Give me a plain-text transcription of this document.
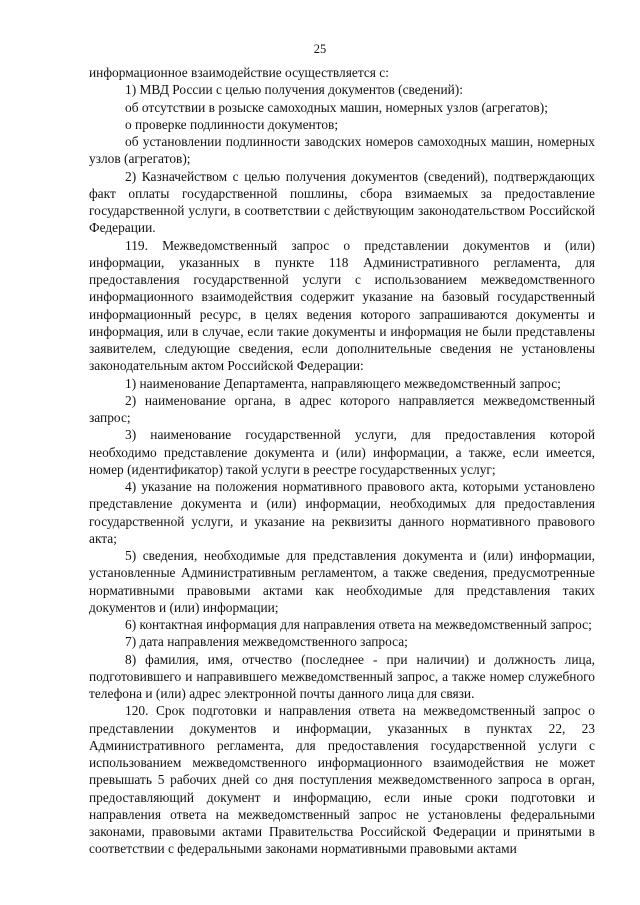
25

информационное взаимодействие осуществляется с:

1) МВД России с целью получения документов (сведений):

об отсутствии в розыске самоходных машин, номерных узлов (агрегатов);

о проверке подлинности документов;

об установлении подлинности заводских номеров самоходных машин, номерных узлов (агрегатов);

2) Казначейством с целью получения документов (сведений), подтверждающих факт оплаты государственной пошлины, сбора взимаемых за предоставление государственной услуги, в соответствии с действующим законодательством Российской Федерации.

119. Межведомственный запрос о представлении документов и (или) информации, указанных в пункте 118 Административного регламента, для предоставления государственной услуги с использованием межведомственного информационного взаимодействия содержит указание на базовый государственный информационный ресурс, в целях ведения которого запрашиваются документы и информация, или в случае, если такие документы и информация не были представлены заявителем, следующие сведения, если дополнительные сведения не установлены законодательным актом Российской Федерации:

1) наименование Департамента, направляющего межведомственный запрос;

2) наименование органа, в адрес которого направляется межведомственный запрос;

3) наименование государственной услуги, для предоставления которой необходимо представление документа и (или) информации, а также, если имеется, номер (идентификатор) такой услуги в реестре государственных услуг;

4) указание на положения нормативного правового акта, которыми установлено представление документа и (или) информации, необходимых для предоставления государственной услуги, и указание на реквизиты данного нормативного правового акта;

5) сведения, необходимые для представления документа и (или) информации, установленные Административным регламентом, а также сведения, предусмотренные нормативными правовыми актами как необходимые для представления таких документов и (или) информации;

6) контактная информация для направления ответа на межведомственный запрос;

7) дата направления межведомственного запроса;

8) фамилия, имя, отчество (последнее - при наличии) и должность лица, подготовившего и направившего межведомственный запрос, а также номер служебного телефона и (или) адрес электронной почты данного лица для связи.

120. Срок подготовки и направления ответа на межведомственный запрос о представлении документов и информации, указанных в пунктах 22, 23 Административного регламента, для предоставления государственной услуги с использованием межведомственного информационного взаимодействия не может превышать 5 рабочих дней со дня поступления межведомственного запроса в орган, предоставляющий документ и информацию, если иные сроки подготовки и направления ответа на межведомственный запрос не установлены федеральными законами, правовыми актами Правительства Российской Федерации и принятыми в соответствии с федеральными законами нормативными правовыми актами
